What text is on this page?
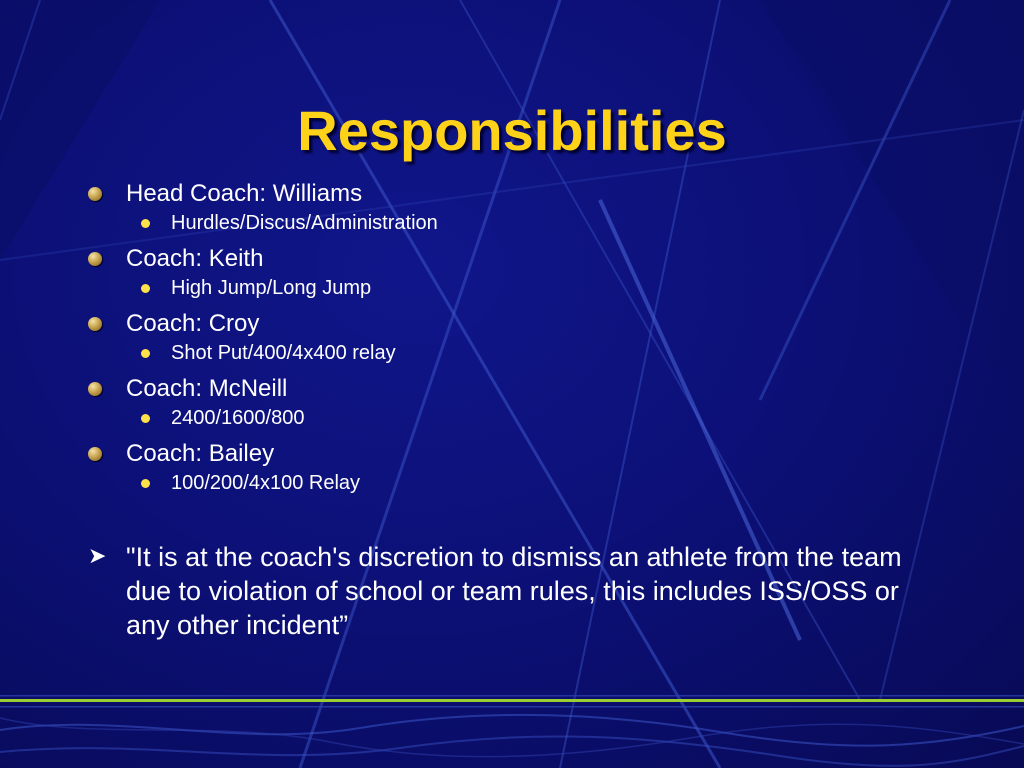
Responsibilities
Head Coach: Williams
Hurdles/Discus/Administration
Coach: Keith
High Jump/Long Jump
Coach: Croy
Shot Put/400/4x400 relay
Coach: McNeill
2400/1600/800
Coach: Bailey
100/200/4x100 Relay
➤ "It is at the coach's discretion to dismiss an athlete from the team due to violation of school or team rules, this includes ISS/OSS or any other incident”
